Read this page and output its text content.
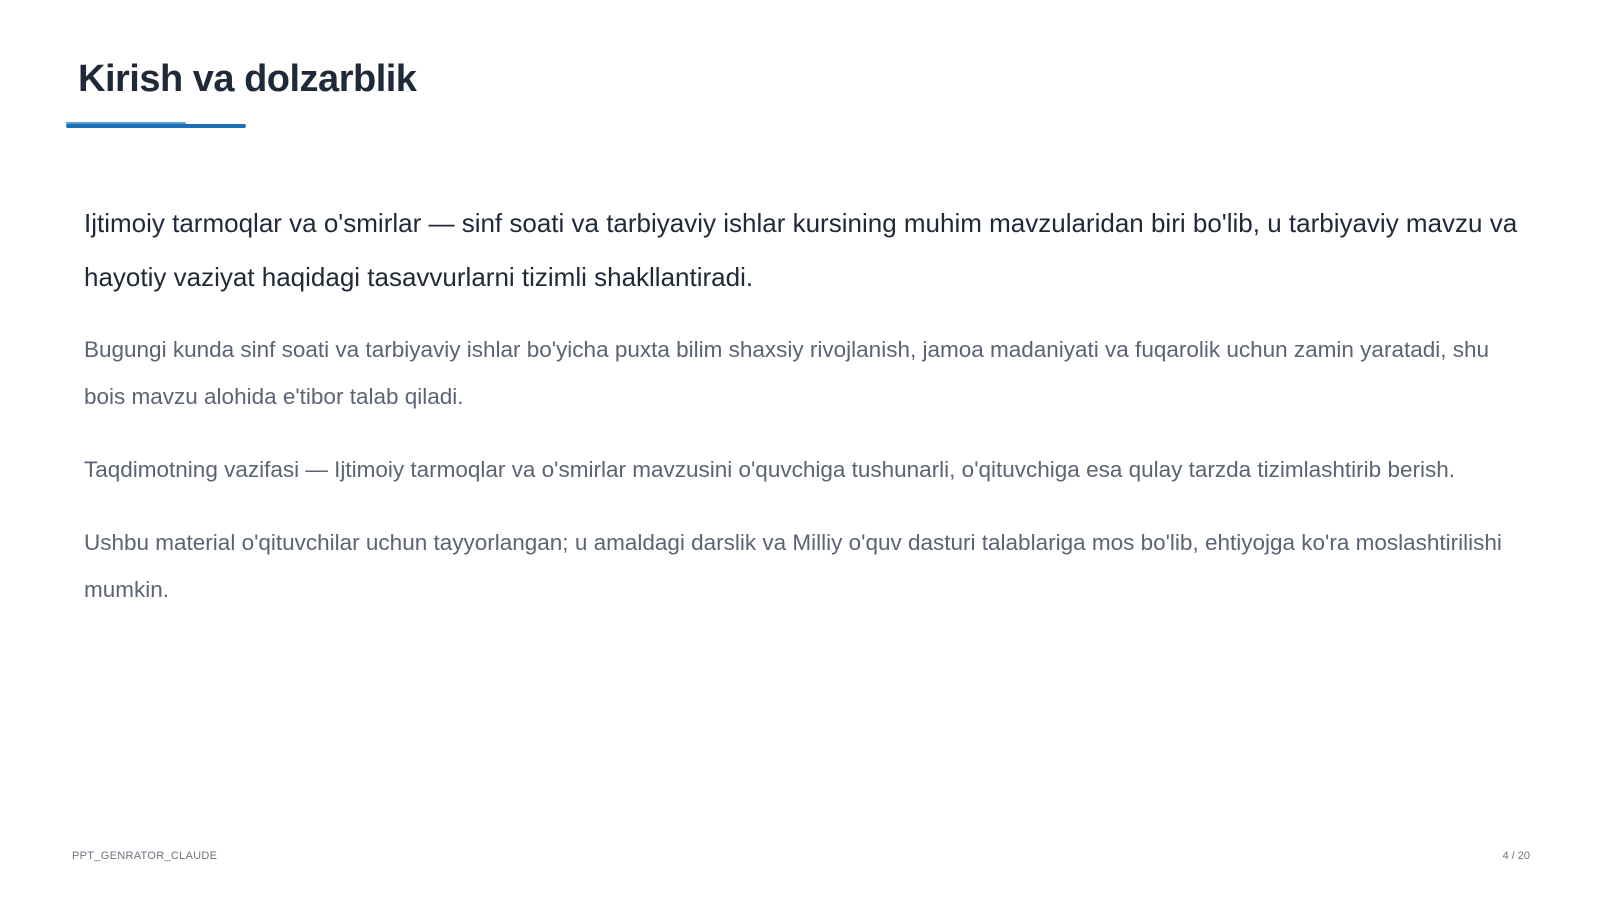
Kirish va dolzarblik

Ijtimoiy tarmoqlar va o'smirlar — sinf soati va tarbiyaviy ishlar kursining muhim mavzularidan biri bo'lib, u tarbiyaviy mavzu va hayotiy vaziyat haqidagi tasavvurlarni tizimli shakllantiradi.

Bugungi kunda sinf soati va tarbiyaviy ishlar bo'yicha puxta bilim shaxsiy rivojlanish, jamoa madaniyati va fuqarolik uchun zamin yaratadi, shu bois mavzu alohida e'tibor talab qiladi.

Taqdimotning vazifasi — Ijtimoiy tarmoqlar va o'smirlar mavzusini o'quvchiga tushunarli, o'qituvchiga esa qulay tarzda tizimlashtirib berish.

Ushbu material o'qituvchilar uchun tayyorlangan; u amaldagi darslik va Milliy o'quv dasturi talablariga mos bo'lib, ehtiyojga ko'ra moslashtirilishi mumkin.

PPT_GENRATOR_CLAUDE	4 / 20
